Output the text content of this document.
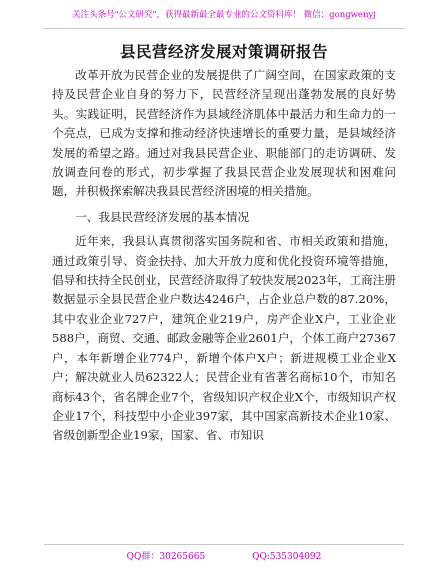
关注头条号"公文研究"，获得最新最全最专业的公文资料库！ 微信：gongwenyj
县民营经济发展对策调研报告

改革开放为民营企业的发展提供了广阔空间，在国家政策的支持及民营企业自身的努力下，民营经济呈现出蓬勃发展的良好势头。实践证明，民营经济作为县域经济肌体中最活力和生命力的一个亮点，已成为支撑和推动经济快速增长的重要力量，是县域经济发展的希望之路。通过对我县民营企业、职能部门的走访调研、发放调查问卷的形式，初步掌握了我县民营企业发展现状和困难问题，并积极探索解决我县民营经济困境的相关措施。

一、我县民营经济发展的基本情况

近年来，我县认真贯彻落实国务院和省、市相关政策和措施，通过政策引导、资金扶持、加大开放力度和优化投资环境等措施，倡导和扶持全民创业，民营经济取得了较快发展2023年，工商注册数据显示全县民营企业户数达4246户，占企业总户数的87.20%，其中农业企业727户，建筑企业219户，房产企业X户，工业企业588户，商贸、交通、邮政金融等企业2601户，个体工商户27367户，本年新增企业774户，新增个体户X户；新进规模工业企业X户；解决就业人员62322人；民营企业有省著名商标10个，市知名商标43个，省名牌企业7个，省级知识产权企业X个，市级知识产权企业17个，科技型中小企业397家，其中国家高新技术企业10家、省级创新型企业19家，国家、省、市知识

QQ群：30265665	QQ:535304092
